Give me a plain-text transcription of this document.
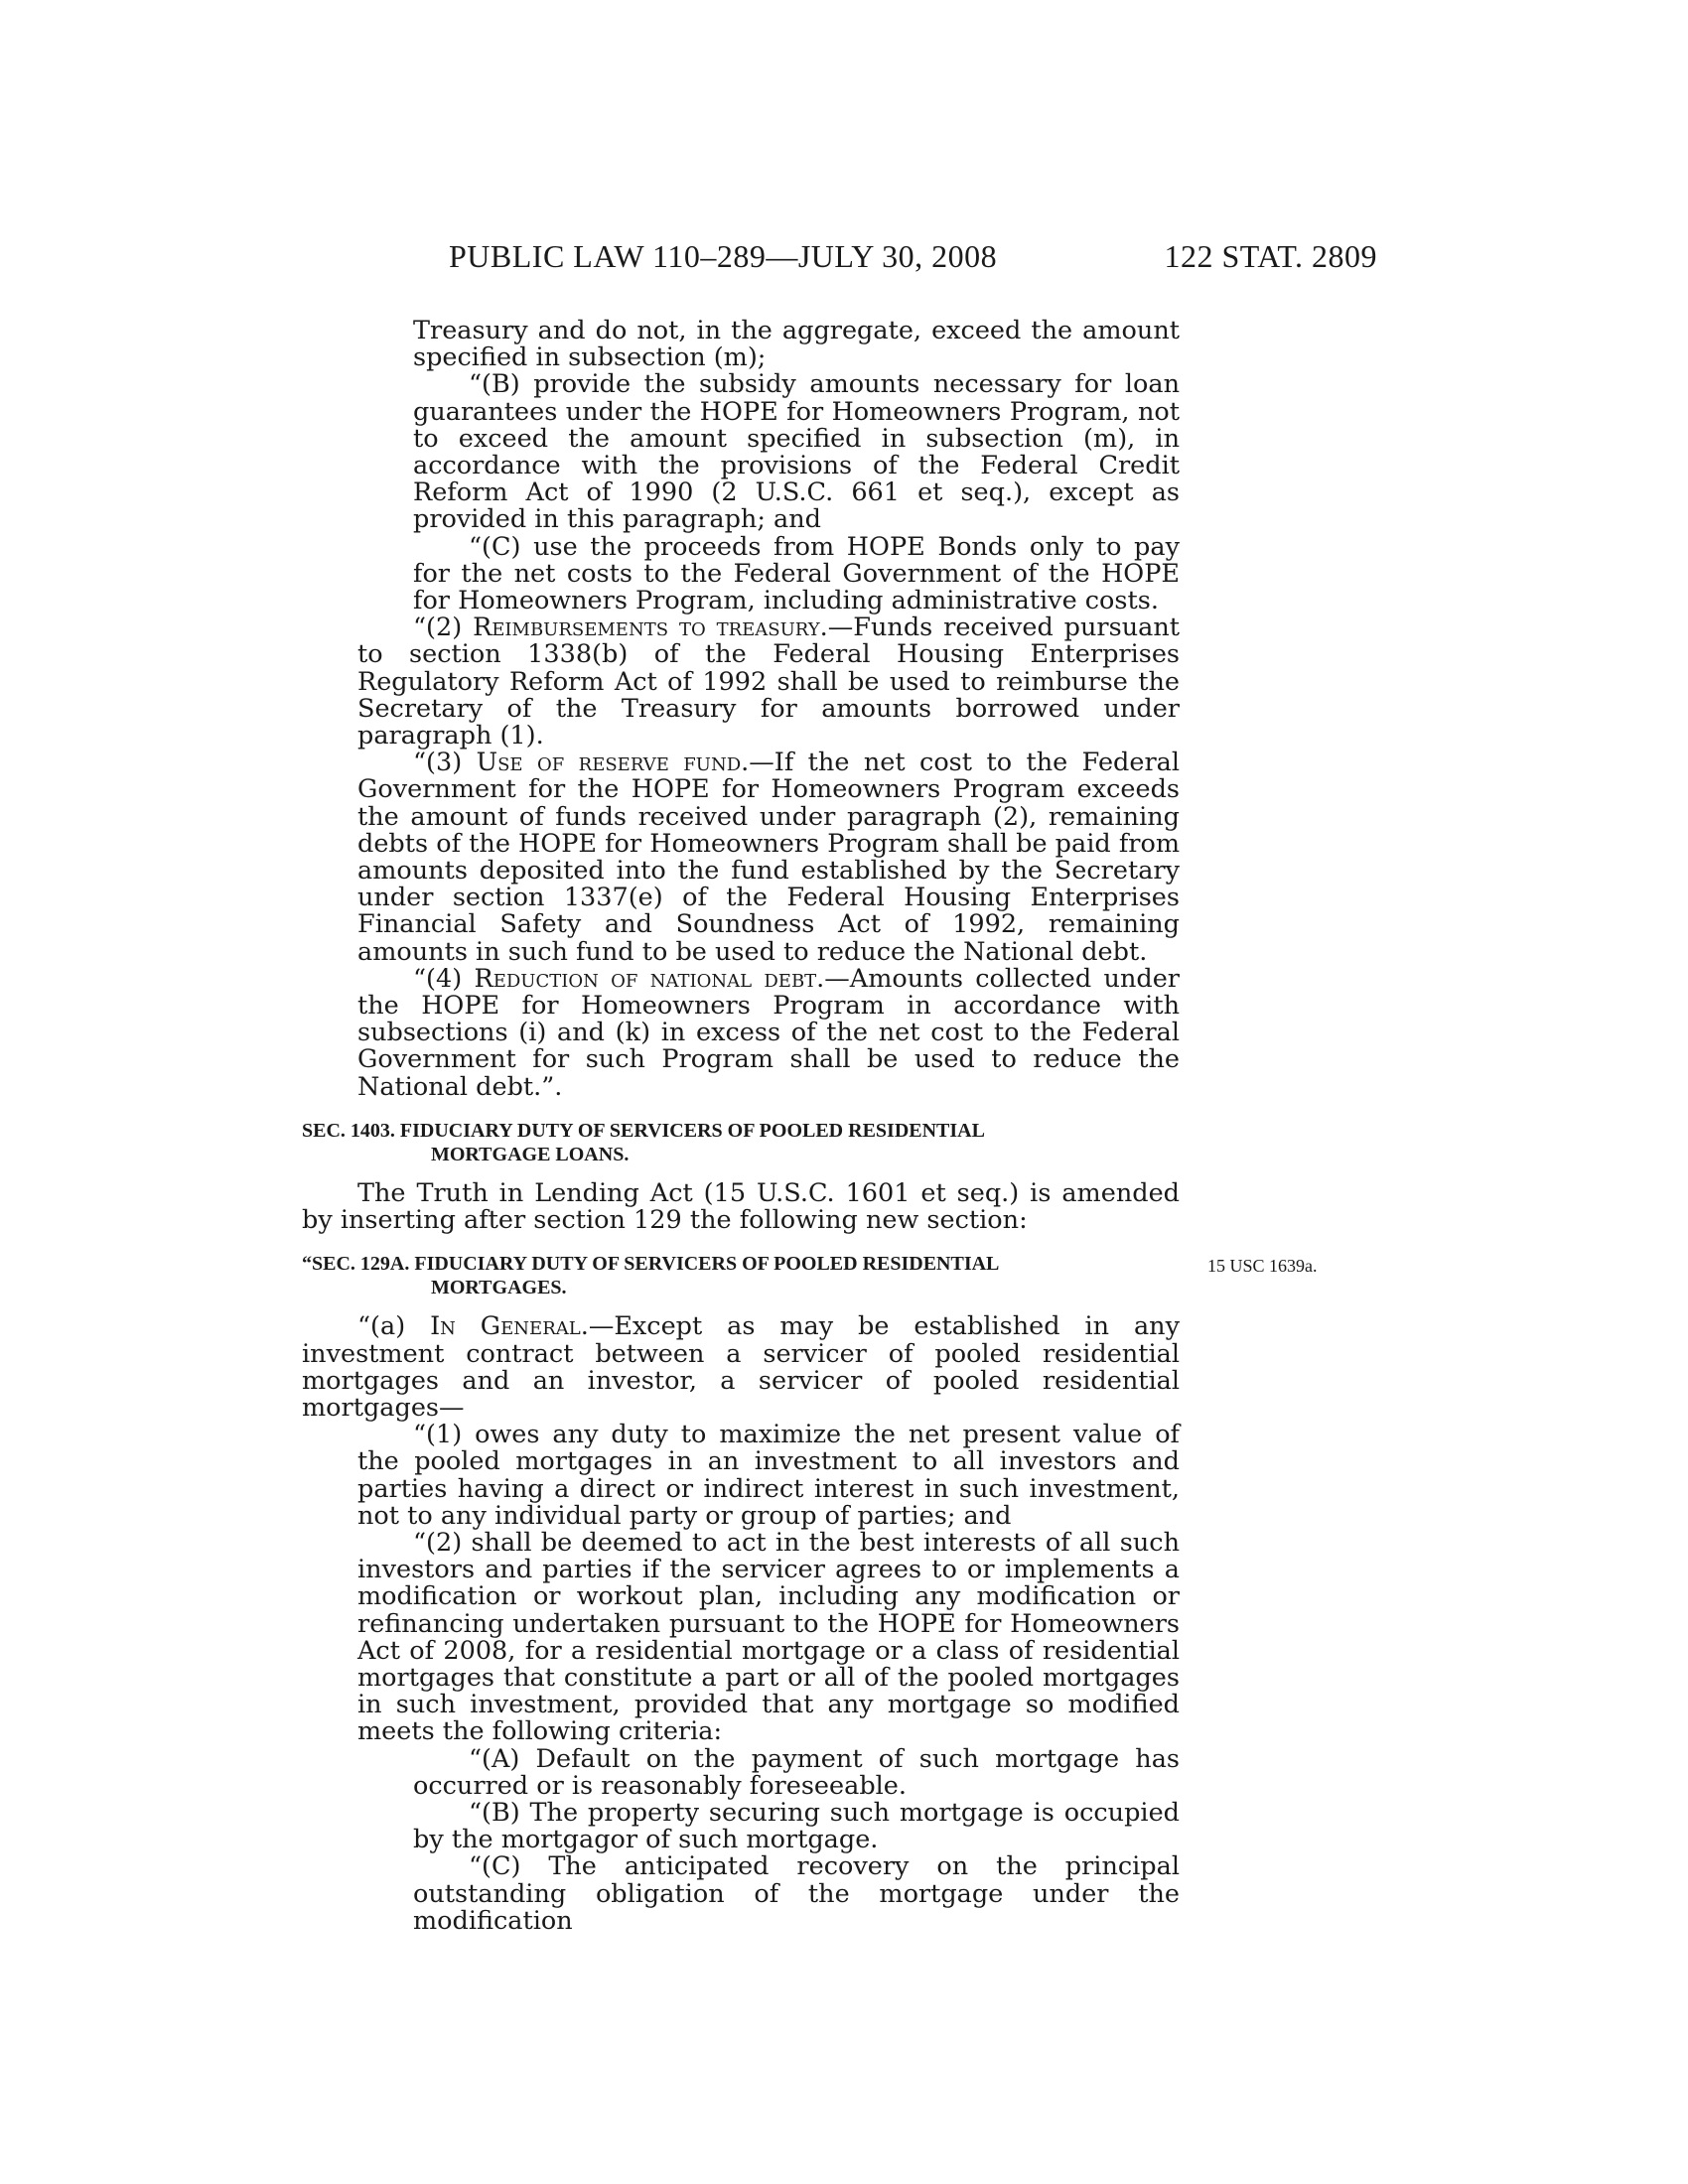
PUBLIC LAW 110–289—JULY 30, 2008	122 STAT. 2809

Treasury and do not, in the aggregate, exceed the amount specified in subsection (m);

“(B) provide the subsidy amounts necessary for loan guarantees under the HOPE for Homeowners Program, not to exceed the amount specified in subsection (m), in accordance with the provisions of the Federal Credit Reform Act of 1990 (2 U.S.C. 661 et seq.), except as provided in this paragraph; and

“(C) use the proceeds from HOPE Bonds only to pay for the net costs to the Federal Government of the HOPE for Homeowners Program, including administrative costs.

“(2) Reimbursements to treasury.—Funds received pursuant to section 1338(b) of the Federal Housing Enterprises Regulatory Reform Act of 1992 shall be used to reimburse the Secretary of the Treasury for amounts borrowed under paragraph (1).

“(3) Use of reserve fund.—If the net cost to the Federal Government for the HOPE for Homeowners Program exceeds the amount of funds received under paragraph (2), remaining debts of the HOPE for Homeowners Program shall be paid from amounts deposited into the fund established by the Secretary under section 1337(e) of the Federal Housing Enterprises Financial Safety and Soundness Act of 1992, remaining amounts in such fund to be used to reduce the National debt.

“(4) Reduction of national debt.—Amounts collected under the HOPE for Homeowners Program in accordance with subsections (i) and (k) in excess of the net cost to the Federal Government for such Program shall be used to reduce the National debt.”.

SEC. 1403. FIDUCIARY DUTY OF SERVICERS OF POOLED RESIDENTIAL
MORTGAGE LOANS.

The Truth in Lending Act (15 U.S.C. 1601 et seq.) is amended by inserting after section 129 the following new section:

“SEC. 129A. FIDUCIARY DUTY OF SERVICERS OF POOLED RESIDENTIAL
MORTGAGES.
15 USC 1639a.

“(a) In General.—Except as may be established in any investment contract between a servicer of pooled residential mortgages and an investor, a servicer of pooled residential mortgages—

“(1) owes any duty to maximize the net present value of the pooled mortgages in an investment to all investors and parties having a direct or indirect interest in such investment, not to any individual party or group of parties; and

“(2) shall be deemed to act in the best interests of all such investors and parties if the servicer agrees to or implements a modification or workout plan, including any modification or refinancing undertaken pursuant to the HOPE for Homeowners Act of 2008, for a residential mortgage or a class of residential mortgages that constitute a part or all of the pooled mortgages in such investment, provided that any mortgage so modified meets the following criteria:

“(A) Default on the payment of such mortgage has occurred or is reasonably foreseeable.

“(B) The property securing such mortgage is occupied by the mortgagor of such mortgage.

“(C) The anticipated recovery on the principal outstanding obligation of the mortgage under the modification
